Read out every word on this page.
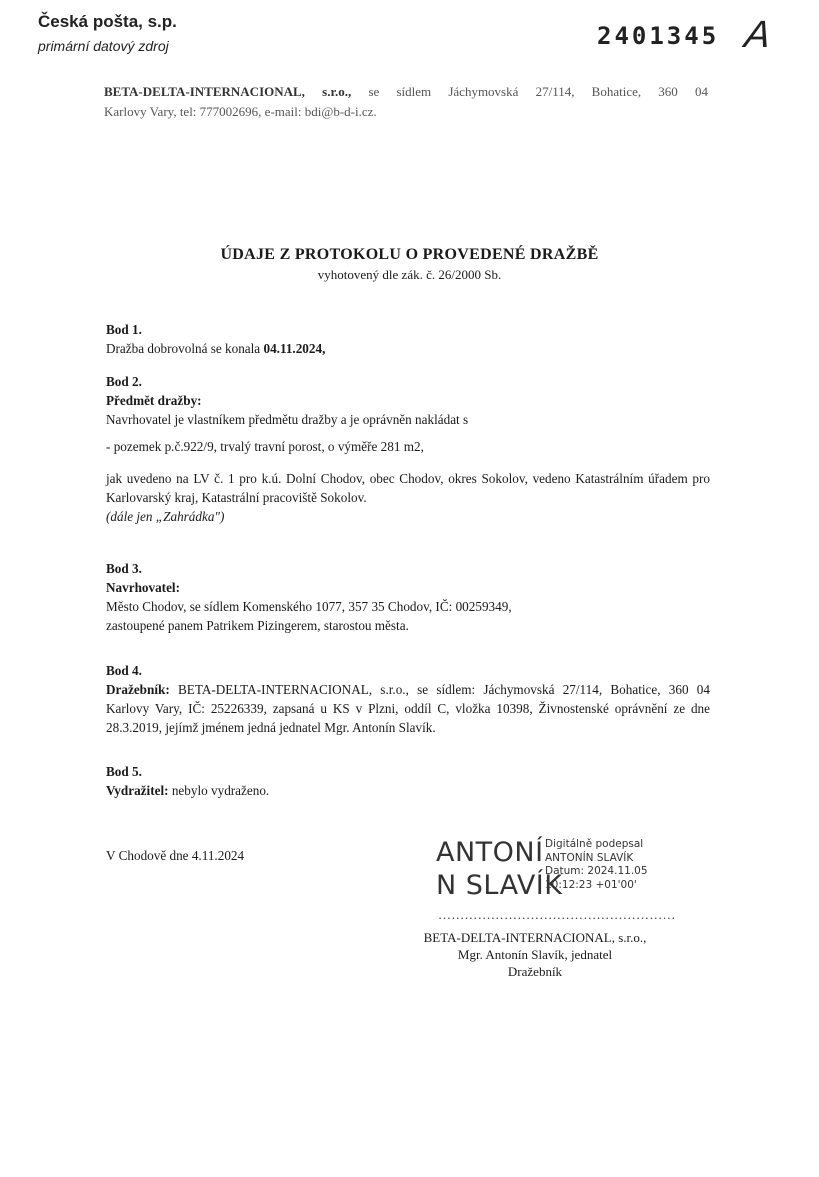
Česká pošta, s.p.
primární datový zdroj	2401345 A
BETA-DELTA-INTERNACIONAL, s.r.o., se sídlem Jáchymovská 27/114, Bohatice, 360 04
Karlovy Vary, tel: 777002696, e-mail: bdi@b-d-i.cz.
ÚDAJE Z PROTOKOLU O PROVEDENÉ DRAŽBĚ
vyhotovený dle zák. č. 26/2000 Sb.
Bod 1.
Dražba dobrovolná se konala 04.11.2024,
Bod 2.
Předmět dražby:
Navrhovatel je vlastníkem předmětu dražby a je oprávněn nakládat s
- pozemek p.č.922/9, trvalý travní porost, o výměře 281 m2,
jak uvedeno na LV č. 1 pro k.ú. Dolní Chodov, obec Chodov, okres Sokolov, vedeno Katastrálním úřadem pro Karlovarský kraj, Katastrální pracoviště Sokolov.
(dále jen „Zahrádka")
Bod 3.
Navrhovatel:
Město Chodov, se sídlem Komenského 1077, 357 35 Chodov, IČ: 00259349,
zastoupené panem Patrikem Pizingerem, starostou města.
Bod 4.
Dražebník: BETA-DELTA-INTERNACIONAL, s.r.o., se sídlem: Jáchymovská 27/114, Bohatice, 360 04 Karlovy Vary, IČ: 25226339, zapsaná u KS v Plzni, oddíl C, vložka 10398, Živnostenské oprávnění ze dne 28.3.2019, jejímž jménem jedná jednatel Mgr. Antonín Slavík.
Bod 5.
Vydražitel: nebylo vydraženo.
V Chodově dne 4.11.2024	ANTONÍ
N SLAVÍK
Digitálně podepsal
ANTONÍN SLAVÍK
Datum: 2024.11.05
10:12:23 +01'00'
………………………………………………
BETA-DELTA-INTERNACIONAL, s.r.o.,
Mgr. Antonín Slavík, jednatel
Dražebník
